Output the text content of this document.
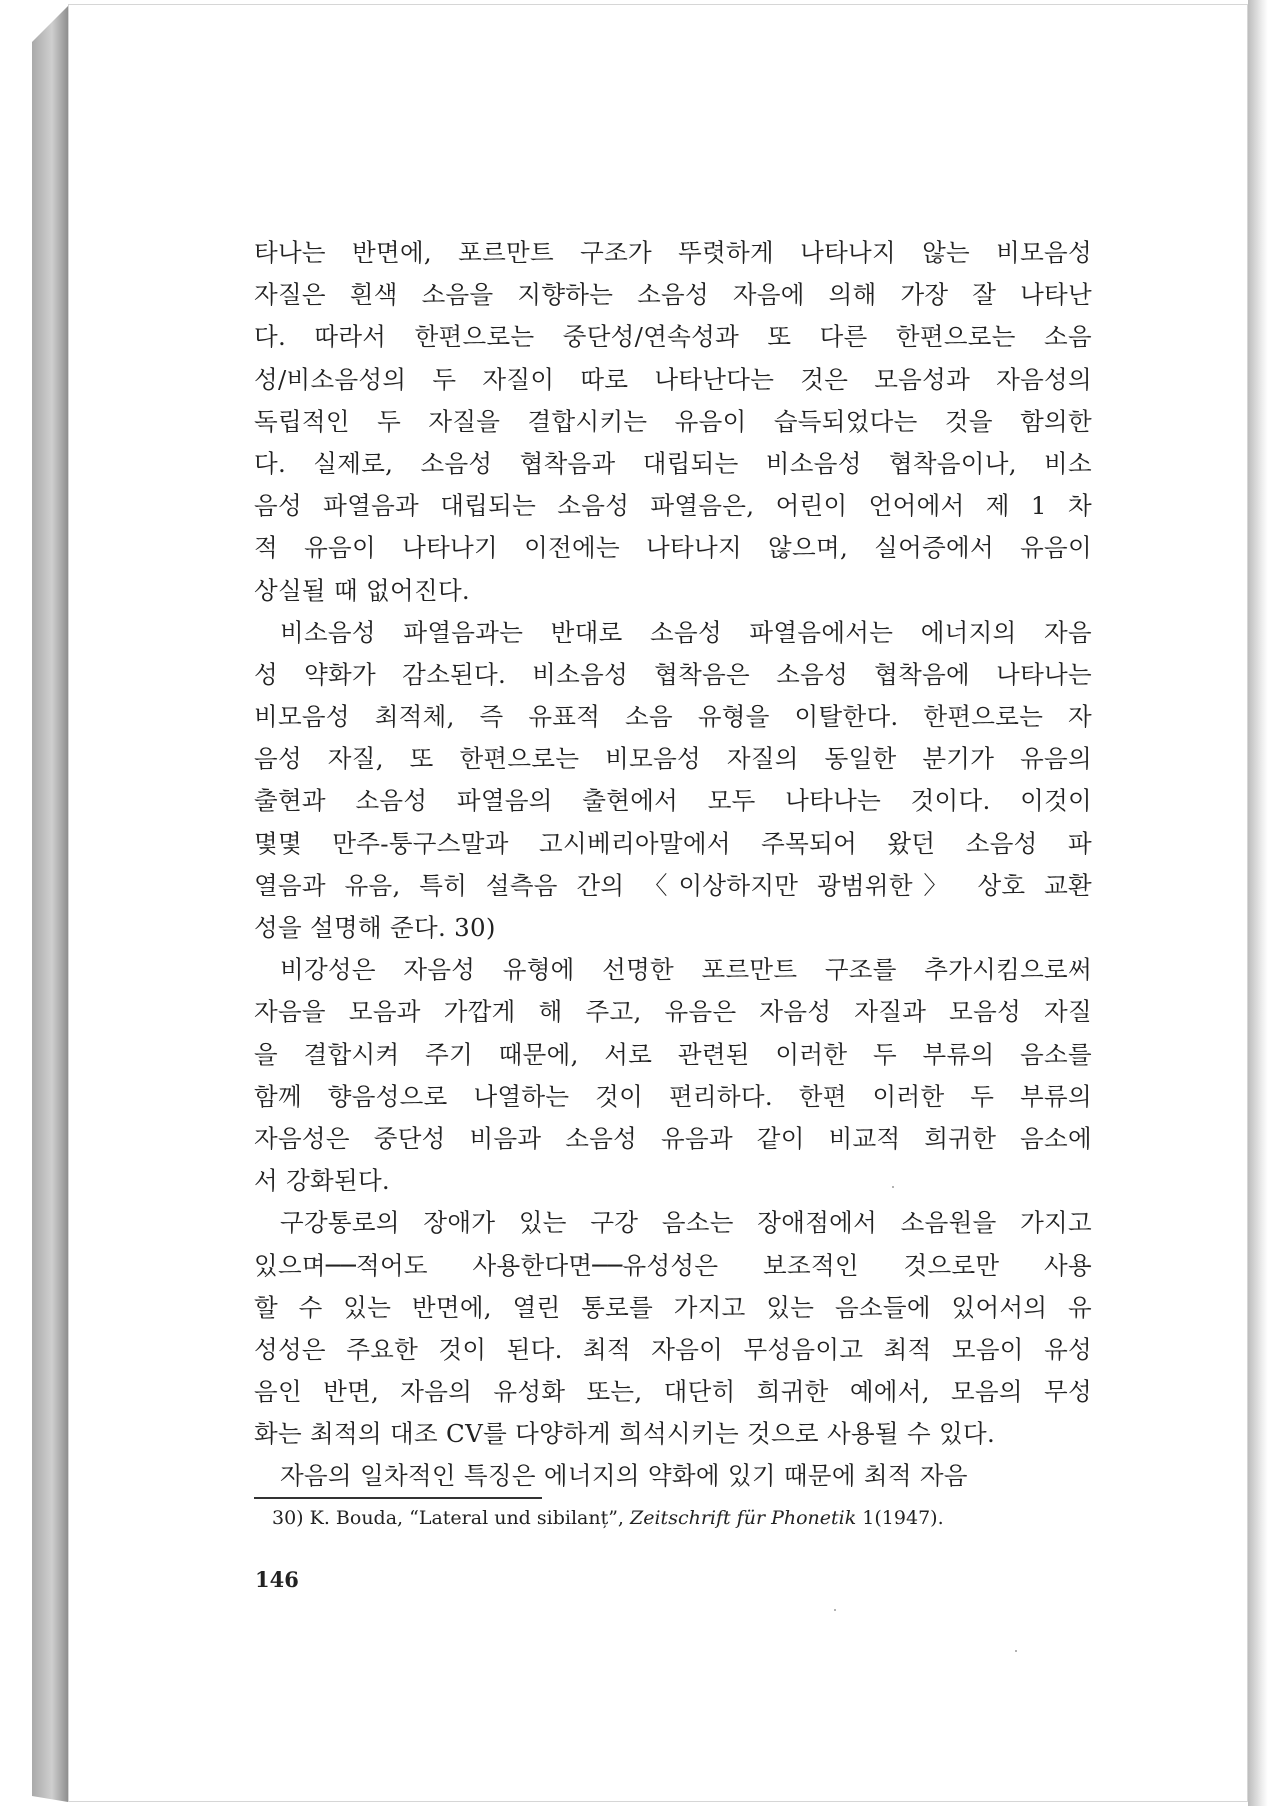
타나는 반면에, 포르만트 구조가 뚜렷하게 나타나지 않는 비모음성
자질은 흰색 소음을 지향하는 소음성 자음에 의해 가장 잘 나타난
다. 따라서 한편으로는 중단성/연속성과 또 다른 한편으로는 소음
성/비소음성의 두 자질이 따로 나타난다는 것은 모음성과 자음성의
독립적인 두 자질을 결합시키는 유음이 습득되었다는 것을 함의한
다. 실제로, 소음성 협착음과 대립되는 비소음성 협착음이나, 비소
음성 파열음과 대립되는 소음성 파열음은, 어린이 언어에서 제 1 차
적 유음이 나타나기 이전에는 나타나지 않으며, 실어증에서 유음이
상실될 때 없어진다.
비소음성 파열음과는 반대로 소음성 파열음에서는 에너지의 자음
성 약화가 감소된다. 비소음성 협착음은 소음성 협착음에 나타나는
비모음성 최적체, 즉 유표적 소음 유형을 이탈한다. 한편으로는 자
음성 자질, 또 한편으로는 비모음성 자질의 동일한 분기가 유음의
출현과 소음성 파열음의 출현에서 모두 나타나는 것이다. 이것이
몇몇 만주-퉁구스말과 고시베리아말에서 주목되어 왔던 소음성 파
열음과 유음, 특히 설측음 간의 〈이상하지만 광범위한〉 상호 교환
성을 설명해 준다. 30)
비강성은 자음성 유형에 선명한 포르만트 구조를 추가시킴으로써
자음을 모음과 가깝게 해 주고, 유음은 자음성 자질과 모음성 자질
을 결합시켜 주기 때문에, 서로 관련된 이러한 두 부류의 음소를
함께 향음성으로 나열하는 것이 편리하다. 한편 이러한 두 부류의
자음성은 중단성 비음과 소음성 유음과 같이 비교적 희귀한 음소에
서 강화된다.
구강통로의 장애가 있는 구강 음소는 장애점에서 소음원을 가지고
있으며──적어도 사용한다면──유성성은 보조적인 것으로만 사용
할 수 있는 반면에, 열린 통로를 가지고 있는 음소들에 있어서의 유
성성은 주요한 것이 된다. 최적 자음이 무성음이고 최적 모음이 유성
음인 반면, 자음의 유성화 또는, 대단히 희귀한 예에서, 모음의 무성
화는 최적의 대조 CV를 다양하게 희석시키는 것으로 사용될 수 있다.
자음의 일차적인 특징은 에너지의 약화에 있기 때문에 최적 자음
30) K. Bouda, “Lateral und sibilanț”, Zeitschrift für Phonetik 1(1947).
146
